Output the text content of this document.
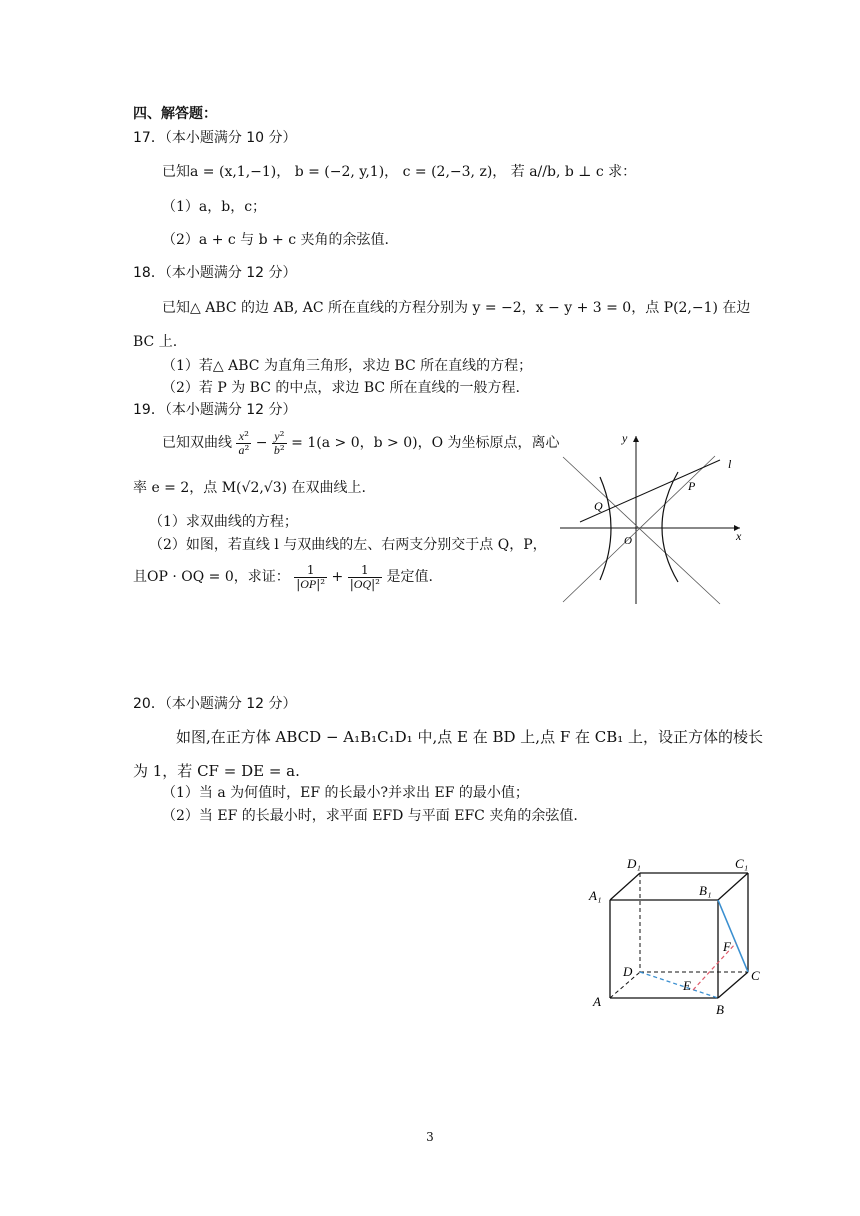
四、解答题：
17．（本小题满分 10 分）
已知a = (x,1,−1)， b = (−2, y,1)， c = (2,−3, z)， 若 a//b, b ⊥ c 求：
（1）a，b，c；
（2）a + c 与 b + c 夹角的余弦值.
18．（本小题满分 12 分）
已知△ ABC 的边 AB, AC 所在直线的方程分别为 y = −2，x − y + 3 = 0，点 P(2,−1) 在边
BC 上.
（1）若△ ABC 为直角三角形，求边 BC 所在直线的方程；
（2）若 P 为 BC 的中点，求边 BC 所在直线的一般方程.
19．（本小题满分 12 分）
已知双曲线 $\frac{\text{x²}}{\text{a²}} - \frac{\text{y²}}{\text{b²}} = 1(a > 0$，b > 0)，O 为坐标原点，离心
率 e = 2，点 M(√2,√3) 在双曲线上.
（1）求双曲线的方程；
（2）如图，若直线 l 与双曲线的左、右两支分别交于点 Q，P，
且OP · OQ = 0，求证： $\frac{1}{\text{|OP|²}} + \frac{1}{\text{|OQ|²}}$ 是定值.
y
x
O
l
P
Q
20．（本小题满分 12 分）
如图,在正方体 ABCD − A₁B₁C₁D₁ 中,点 E 在 BD 上,点 F 在 CB₁ 上，设正方体的棱长
为 1，若 CF = DE = a.
（1）当 a 为何值时，EF 的长最小?并求出 EF 的最小值；
（2）当 EF 的长最小时，求平面 EFD 与平面 EFC 夹角的余弦值.
A
B
C
D
A₁	B₁
C₁
D₁
E
F
3
